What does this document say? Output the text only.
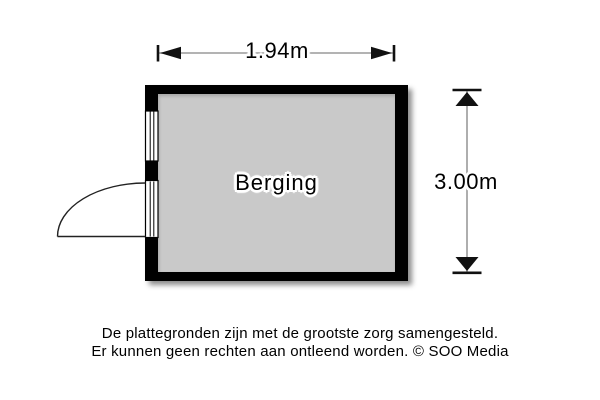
Berging
1.94m
3.00m
De plattegronden zijn met de grootste zorg samengesteld.
Er kunnen geen rechten aan ontleend worden. © SOO Media
